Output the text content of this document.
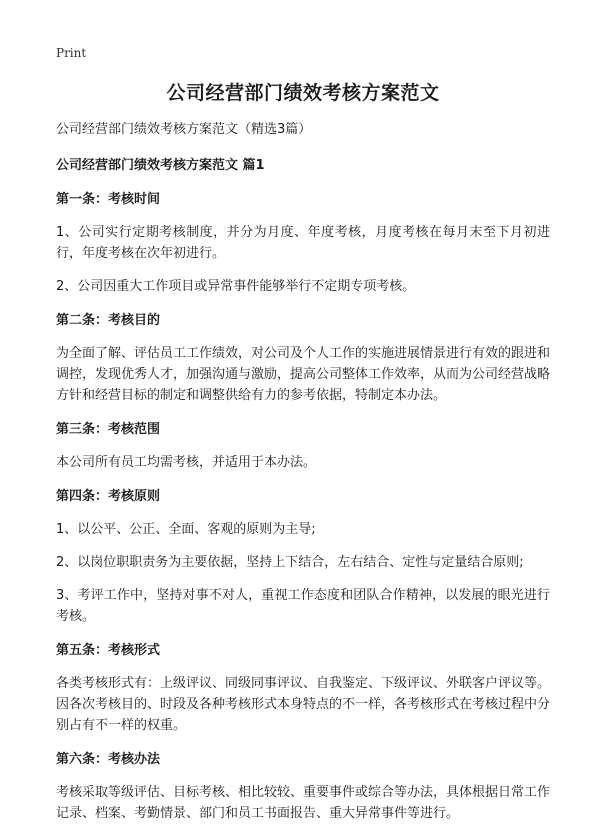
Print
公司经营部门绩效考核方案范文
公司经营部门绩效考核方案范文（精选3篇）
公司经营部门绩效考核方案范文 篇1
第一条：考核时间
1、公司实行定期考核制度，并分为月度、年度考核，月度考核在每月末至下月初进行，年度考核在次年初进行。
2、公司因重大工作项目或异常事件能够举行不定期专项考核。
第二条：考核目的
为全面了解、评估员工工作绩效，对公司及个人工作的实施进展情景进行有效的跟进和调控，发现优秀人才，加强沟通与激励，提高公司整体工作效率，从而为公司经营战略方针和经营目标的制定和调整供给有力的参考依据，特制定本办法。
第三条：考核范围
本公司所有员工均需考核，并适用于本办法。
第四条：考核原则
1、以公平、公正、全面、客观的原则为主导;
2、以岗位职职责务为主要依据，坚持上下结合，左右结合、定性与定量结合原则;
3、考评工作中，坚持对事不对人，重视工作态度和团队合作精神，以发展的眼光进行考核。
第五条：考核形式
各类考核形式有：上级评议、同级同事评议、自我鉴定、下级评议、外联客户评议等。因各次考核目的、时段及各种考核形式本身特点的不一样，各考核形式在考核过程中分别占有不一样的权重。
第六条：考核办法
考核采取等级评估、目标考核、相比较较、重要事件或综合等办法，具体根据日常工作记录、档案、考勤情景、部门和员工书面报告、重大异常事件等进行。
